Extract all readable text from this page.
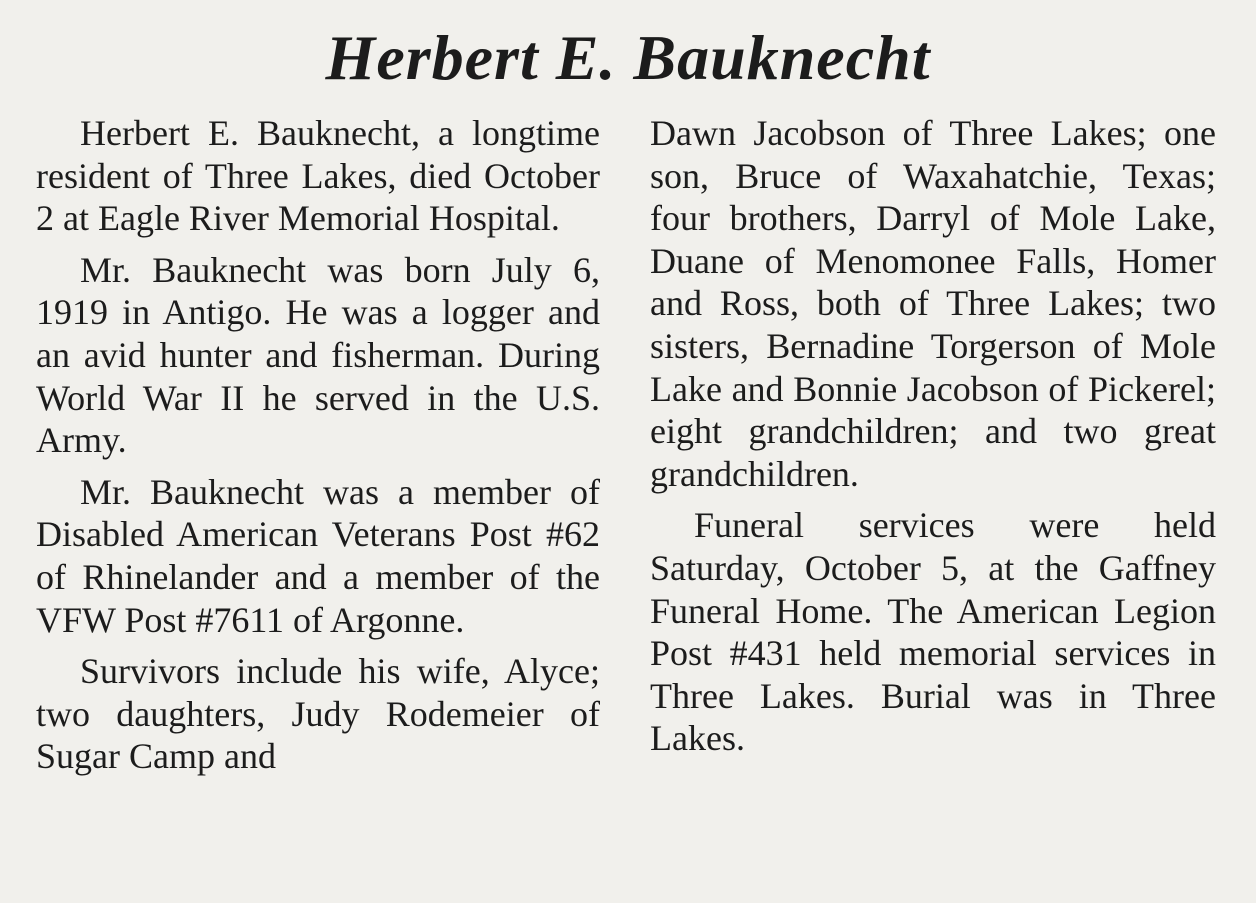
Herbert E. Bauknecht

Herbert E. Bauknecht, a longtime resident of Three Lakes, died October 2 at Eagle River Memorial Hospital.

Mr. Bauknecht was born July 6, 1919 in Antigo. He was a logger and an avid hunter and fisherman. During World War II he served in the U.S. Army.

Mr. Bauknecht was a member of Disabled American Veterans Post #62 of Rhinelander and a member of the VFW Post #7611 of Argonne.

Survivors include his wife, Alyce; two daughters, Judy Rodemeier of Sugar Camp and

Dawn Jacobson of Three Lakes; one son, Bruce of Waxahatchie, Texas; four brothers, Darryl of Mole Lake, Duane of Menomonee Falls, Homer and Ross, both of Three Lakes; two sisters, Bernadine Torgerson of Mole Lake and Bonnie Jacobson of Pickerel; eight grandchildren; and two great grandchildren.

Funeral services were held Saturday, October 5, at the Gaffney Funeral Home. The American Legion Post #431 held memorial services in Three Lakes. Burial was in Three Lakes.
